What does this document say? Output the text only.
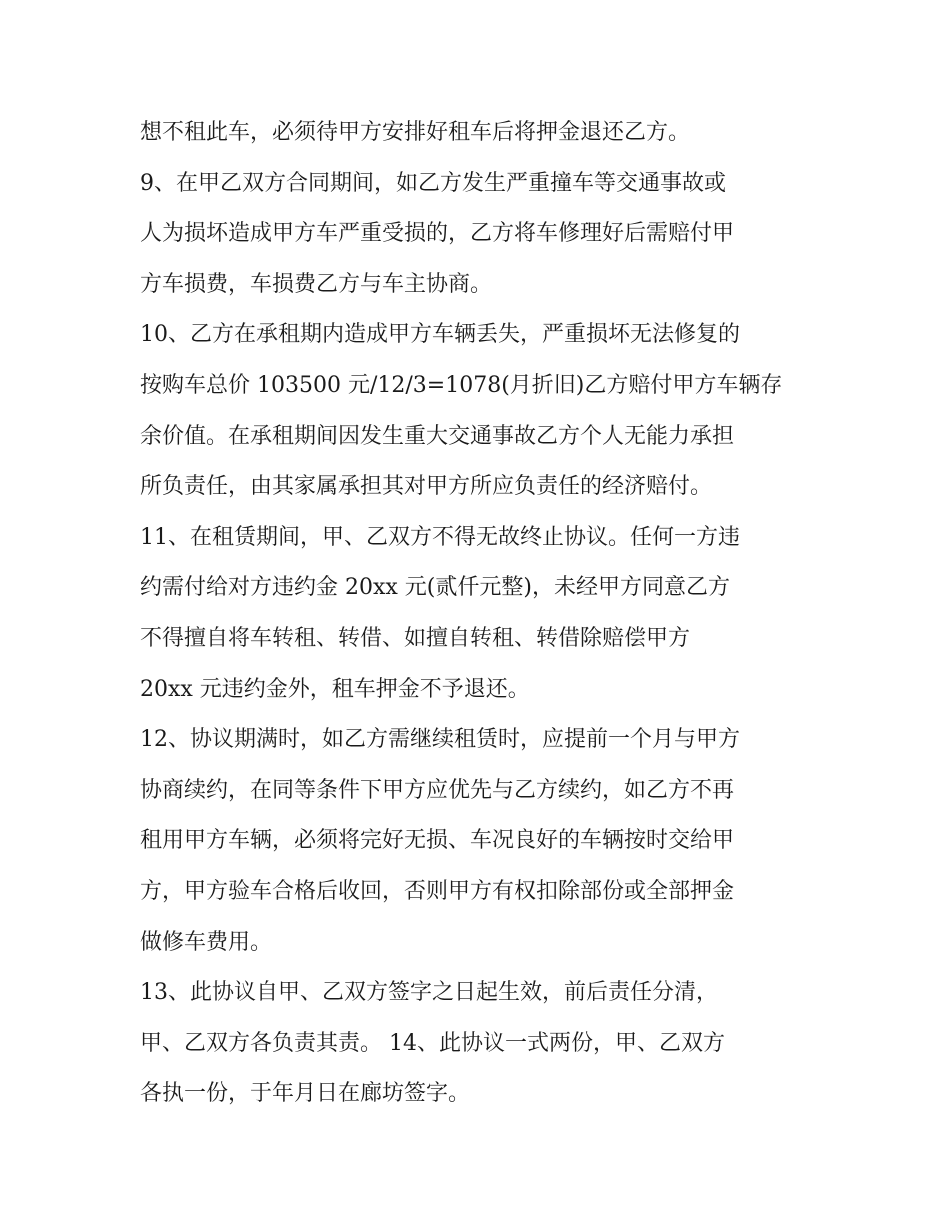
想不租此车，必须待甲方安排好租车后将押金退还乙方。
9、在甲乙双方合同期间，如乙方发生严重撞车等交通事故或
人为损坏造成甲方车严重受损的，乙方将车修理好后需赔付甲
方车损费，车损费乙方与车主协商。
10、乙方在承租期内造成甲方车辆丢失，严重损坏无法修复的
按购车总价 103500 元/12/3=1078(月折旧)乙方赔付甲方车辆存
余价值。在承租期间因发生重大交通事故乙方个人无能力承担
所负责任，由其家属承担其对甲方所应负责任的经济赔付。
11、在租赁期间，甲、乙双方不得无故终止协议。任何一方违
约需付给对方违约金 20xx 元(贰仟元整)，未经甲方同意乙方
不得擅自将车转租、转借、如擅自转租、转借除赔偿甲方
20xx 元违约金外，租车押金不予退还。
12、协议期满时，如乙方需继续租赁时，应提前一个月与甲方
协商续约，在同等条件下甲方应优先与乙方续约，如乙方不再
租用甲方车辆，必须将完好无损、车况良好的车辆按时交给甲
方，甲方验车合格后收回，否则甲方有权扣除部份或全部押金
做修车费用。
13、此协议自甲、乙双方签字之日起生效，前后责任分清，
甲、乙双方各负责其责。 14、此协议一式两份，甲、乙双方
各执一份，于年月日在廊坊签字。
